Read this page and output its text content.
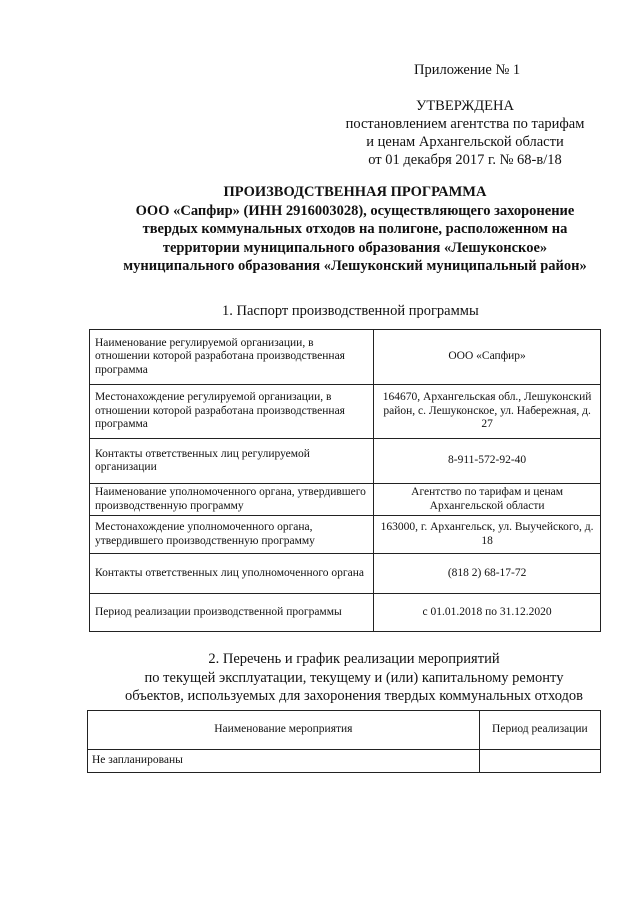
Приложение № 1
УТВЕРЖДЕНА
постановлением агентства по тарифам
и ценам Архангельской области
от 01 декабря 2017 г. № 68-в/18
ПРОИЗВОДСТВЕННАЯ ПРОГРАММА
ООО «Сапфир» (ИНН 2916003028), осуществляющего захоронение
твердых коммунальных отходов на полигоне, расположенном на
территории муниципального образования «Лешуконское»
муниципального образования «Лешуконский муниципальный район»
1. Паспорт производственной программы
Наименование регулируемой организации, в отношении которой разработана производственная программа	ООО «Сапфир»
Местонахождение регулируемой организации, в отношении которой разработана производственная программа	164670, Архангельская обл., Лешуконский район, с. Лешуконское, ул. Набережная, д. 27
Контакты ответственных лиц регулируемой организации	8-911-572-92-40
Наименование уполномоченного органа, утвердившего производственную программу	Агентство по тарифам и ценам Архангельской области
Местонахождение уполномоченного органа, утвердившего производственную программу	163000, г. Архангельск, ул. Выучейского, д. 18
Контакты ответственных лиц уполномоченного органа	(818 2) 68-17-72
Период реализации производственной программы	с 01.01.2018 по 31.12.2020
2. Перечень и график реализации мероприятий
по текущей эксплуатации, текущему и (или) капитальному ремонту
объектов, используемых для захоронения твердых коммунальных отходов
Наименование мероприятия	Период реализации
Не запланированы	
